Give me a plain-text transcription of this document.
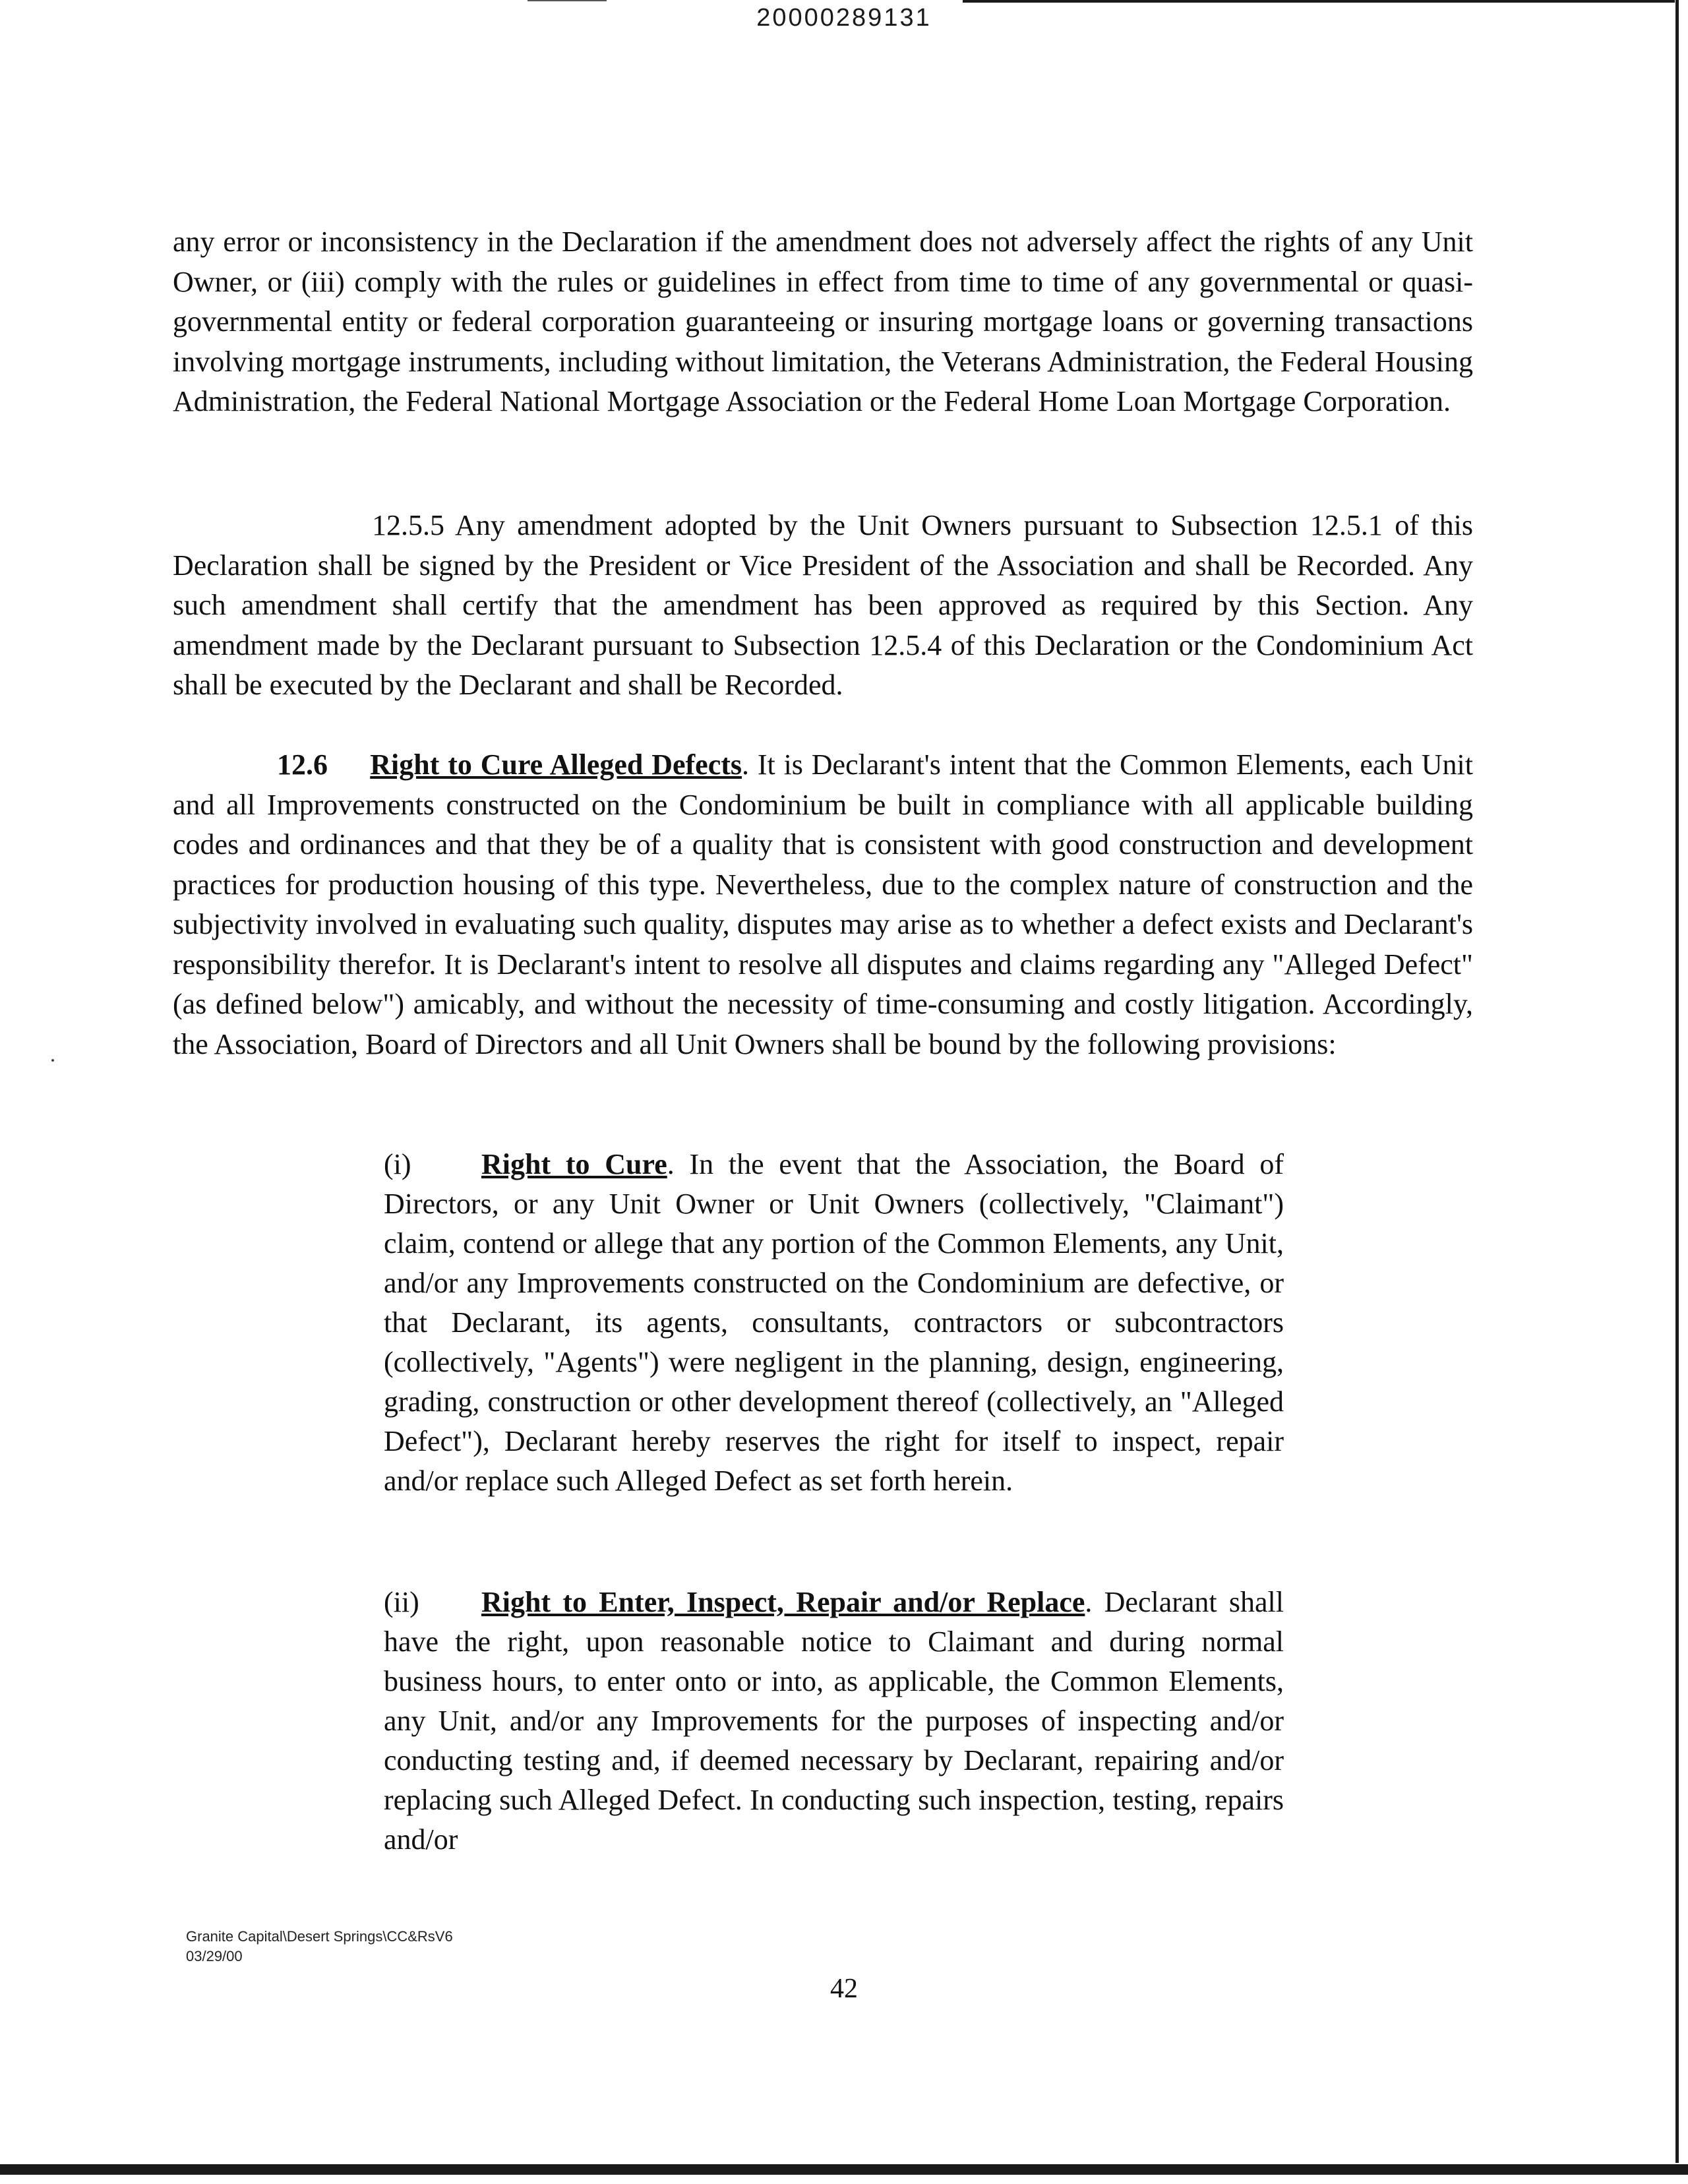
20000289131

any error or inconsistency in the Declaration if the amendment does not adversely affect the rights of any Unit Owner, or (iii) comply with the rules or guidelines in effect from time to time of any governmental or quasi-governmental entity or federal corporation guaranteeing or insuring mortgage loans or governing transactions involving mortgage instruments, including without limitation, the Veterans Administration, the Federal Housing Administration, the Federal National Mortgage Association or the Federal Home Loan Mortgage Corporation.

12.5.5 Any amendment adopted by the Unit Owners pursuant to Subsection 12.5.1 of this Declaration shall be signed by the President or Vice President of the Association and shall be Recorded. Any such amendment shall certify that the amendment has been approved as required by this Section. Any amendment made by the Declarant pursuant to Subsection 12.5.4 of this Declaration or the Condominium Act shall be executed by the Declarant and shall be Recorded.

12.6 Right to Cure Alleged Defects. It is Declarant's intent that the Common Elements, each Unit and all Improvements constructed on the Condominium be built in compliance with all applicable building codes and ordinances and that they be of a quality that is consistent with good construction and development practices for production housing of this type. Nevertheless, due to the complex nature of construction and the subjectivity involved in evaluating such quality, disputes may arise as to whether a defect exists and Declarant's responsibility therefor. It is Declarant's intent to resolve all disputes and claims regarding any "Alleged Defect" (as defined below") amicably, and without the necessity of time-consuming and costly litigation. Accordingly, the Association, Board of Directors and all Unit Owners shall be bound by the following provisions:

(i) Right to Cure. In the event that the Association, the Board of Directors, or any Unit Owner or Unit Owners (collectively, "Claimant") claim, contend or allege that any portion of the Common Elements, any Unit, and/or any Improvements constructed on the Condominium are defective, or that Declarant, its agents, consultants, contractors or subcontractors (collectively, "Agents") were negligent in the planning, design, engineering, grading, construction or other development thereof (collectively, an "Alleged Defect"), Declarant hereby reserves the right for itself to inspect, repair and/or replace such Alleged Defect as set forth herein.

(ii) Right to Enter, Inspect, Repair and/or Replace. Declarant shall have the right, upon reasonable notice to Claimant and during normal business hours, to enter onto or into, as applicable, the Common Elements, any Unit, and/or any Improvements for the purposes of inspecting and/or conducting testing and, if deemed necessary by Declarant, repairing and/or replacing such Alleged Defect. In conducting such inspection, testing, repairs and/or

Granite Capital\Desert Springs\CC&RsV6
03/29/00
42
